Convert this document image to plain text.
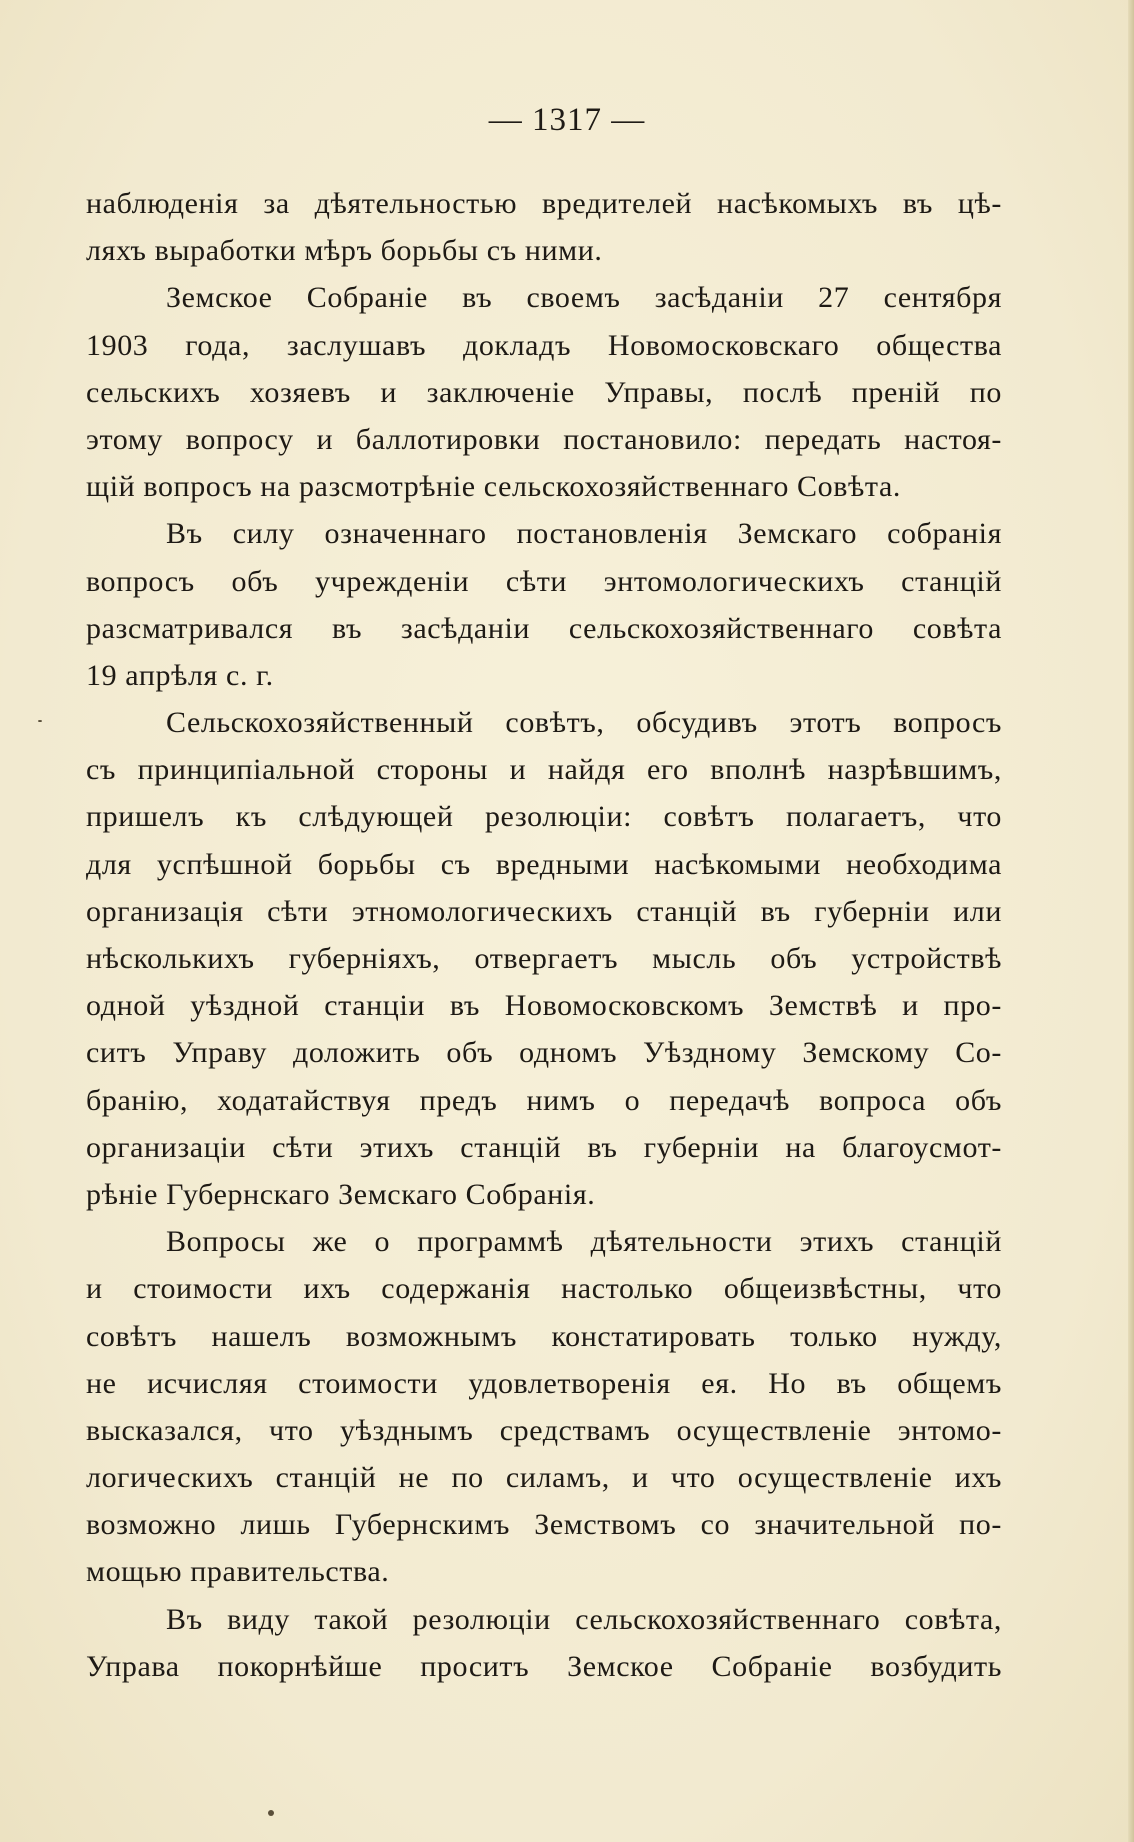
— 1317 —
наблюденія за дѣятельностью вредителей насѣкомыхъ въ цѣ-
ляхъ выработки мѣръ борьбы съ ними.
Земское Собраніе въ своемъ засѣданіи 27 сентября
1903 года, заслушавъ докладъ Новомосковскаго общества
сельскихъ хозяевъ и заключеніе Управы, послѣ преній по
этому вопросу и баллотировки постановило: передать настоя-
щій вопросъ на разсмотрѣніе сельскохозяйственнаго Совѣта.
Въ силу означеннаго постановленія Земскаго собранія
вопросъ объ учрежденіи сѣти энтомологическихъ станцій
разсматривался въ засѣданіи сельскохозяйственнаго совѣта
19 апрѣля с. г.
Сельскохозяйственный совѣтъ, обсудивъ этотъ вопросъ
съ принципіальной стороны и найдя его вполнѣ назрѣвшимъ,
пришелъ къ слѣдующей резолюціи: совѣтъ полагаетъ, что
для успѣшной борьбы съ вредными насѣкомыми необходима
организація сѣти этномологическихъ станцій въ губерніи или
нѣсколькихъ губерніяхъ, отвергаетъ мысль объ устройствѣ
одной уѣздной станціи въ Новомосковскомъ Земствѣ и про-
ситъ Управу доложить объ одномъ Уѣздному Земскому Со-
бранію, ходатайствуя предъ нимъ о передачѣ вопроса объ
организаціи сѣти этихъ станцій въ губерніи на благоусмот-
рѣніе Губернскаго Земскаго Собранія.
Вопросы же о программѣ дѣятельности этихъ станцій
и стоимости ихъ содержанія настолько общеизвѣстны, что
совѣтъ нашелъ возможнымъ констатировать только нужду,
не исчисляя стоимости удовлетворенія ея. Но въ общемъ
высказался, что уѣзднымъ средствамъ осуществленіе энтомо-
логическихъ станцій не по силамъ, и что осуществленіе ихъ
возможно лишь Губернскимъ Земствомъ со значительной по-
мощью правительства.
Въ виду такой резолюціи сельскохозяйственнаго совѣта,
Управа покорнѣйше проситъ Земское Собраніе возбудить
